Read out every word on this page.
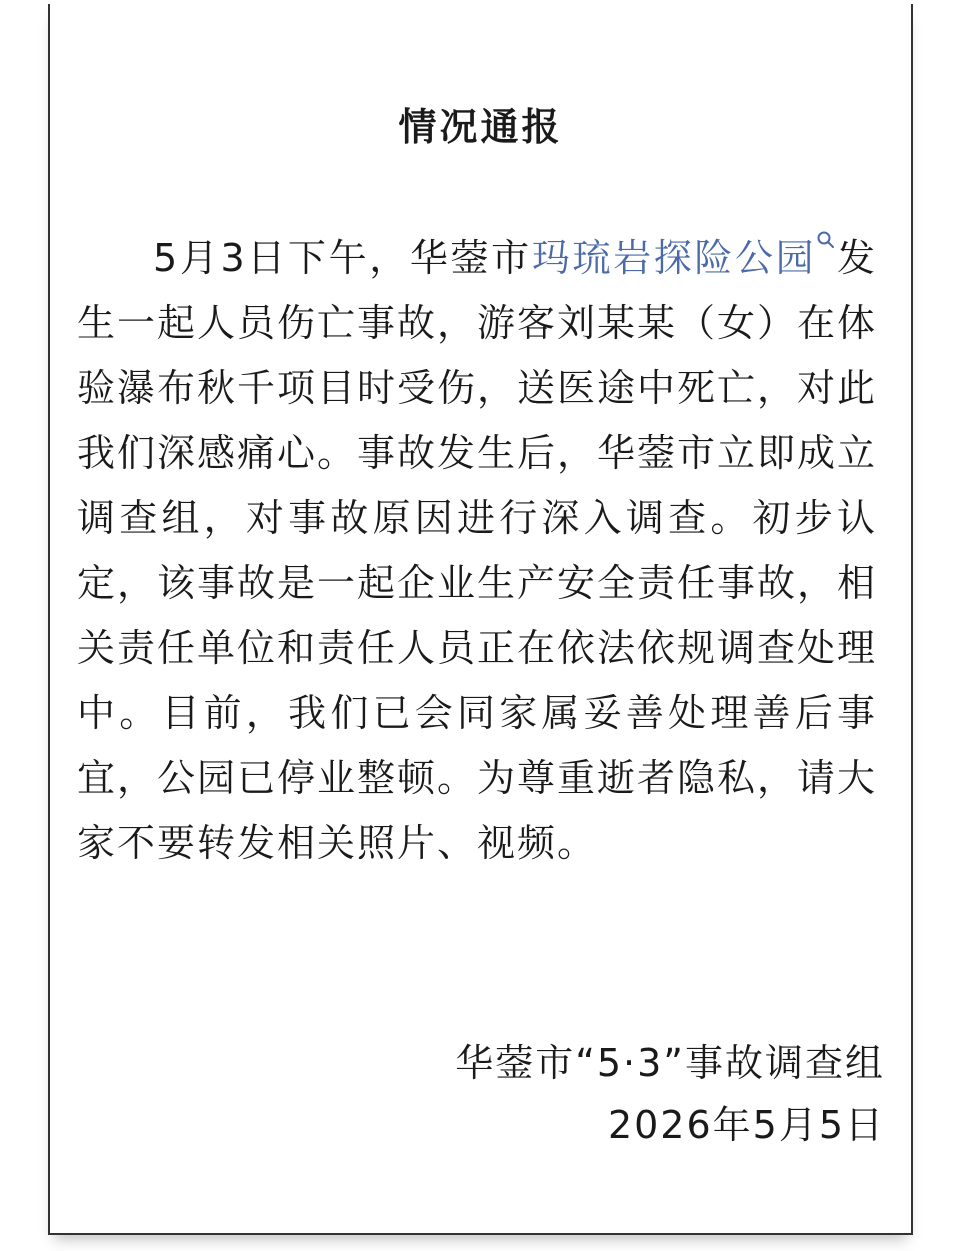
情况通报

5月3日下午，华蓥市玛琉岩探险公园 发生一起人员伤亡事故，游客刘某某（女）在体验瀑布秋千项目时受伤，送医途中死亡，对此我们深感痛心。事故发生后，华蓥市立即成立调查组，对事故原因进行深入调查。初步认定，该事故是一起企业生产安全责任事故，相关责任单位和责任人员正在依法依规调查处理中。目前，我们已会同家属妥善处理善后事宜，公园已停业整顿。为尊重逝者隐私，请大家不要转发相关照片、视频。

华蓥市“5·3”事故调查组
2026年5月5日
